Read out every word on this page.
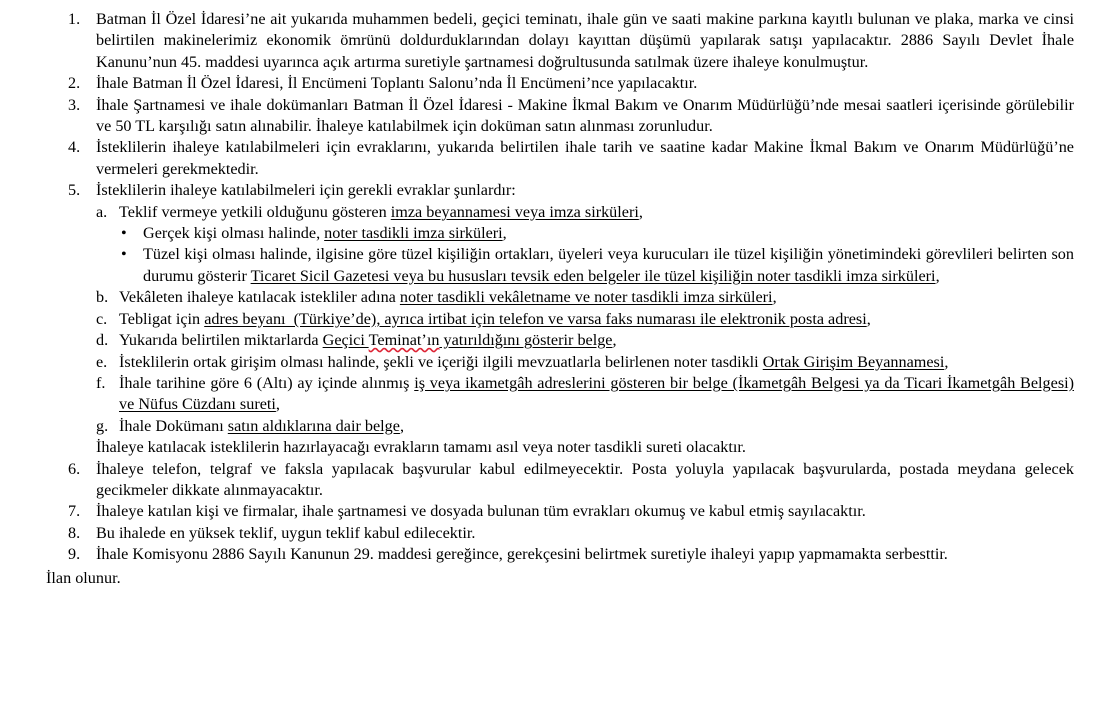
1. Batman İl Özel İdaresi’ne ait yukarıda muhammen bedeli, geçici teminatı, ihale gün ve saati makine parkına kayıtlı bulunan ve plaka, marka ve cinsi belirtilen makinelerimiz ekonomik ömrünü doldurduklarından dolayı kayıttan düşümü yapılarak satışı yapılacaktır. 2886 Sayılı Devlet İhale Kanunu’nun 45. maddesi uyarınca açık artırma suretiyle şartnamesi doğrultusunda satılmak üzere ihaleye konulmuştur.
2. İhale Batman İl Özel İdaresi, İl Encümeni Toplantı Salonu’nda İl Encümeni’nce yapılacaktır.
3. İhale Şartnamesi ve ihale dokümanları Batman İl Özel İdaresi - Makine İkmal Bakım ve Onarım Müdürlüğü’nde mesai saatleri içerisinde görülebilir ve 50 TL karşılığı satın alınabilir. İhaleye katılabilmek için doküman satın alınması zorunludur.
4. İsteklilerin ihaleye katılabilmeleri için evraklarını, yukarıda belirtilen ihale tarih ve saatine kadar Makine İkmal Bakım ve Onarım Müdürlüğü’ne vermeleri gerekmektedir.
5. İsteklilerin ihaleye katılabilmeleri için gerekli evraklar şunlardır:
a. Teklif vermeye yetkili olduğunu gösteren imza beyannamesi veya imza sirküleri,
• Gerçek kişi olması halinde, noter tasdikli imza sirküleri,
• Tüzel kişi olması halinde, ilgisine göre tüzel kişiliğin ortakları, üyeleri veya kurucuları ile tüzel kişiliğin yönetimindeki görevlileri belirten son durumu gösterir Ticaret Sicil Gazetesi veya bu hususları tevsik eden belgeler ile tüzel kişiliğin noter tasdikli imza sirküleri,
b. Vekâleten ihaleye katılacak istekliler adına noter tasdikli vekâletname ve noter tasdikli imza sirküleri,
c. Tebligat için adres beyanı  (Türkiye’de), ayrıca irtibat için telefon ve varsa faks numarası ile elektronik posta adresi,
d. Yukarıda belirtilen miktarlarda Geçici Teminat’ın yatırıldığını gösterir belge,
e. İsteklilerin ortak girişim olması halinde, şekli ve içeriği ilgili mevzuatlarla belirlenen noter tasdikli Ortak Girişim Beyannamesi,
f. İhale tarihine göre 6 (Altı) ay içinde alınmış iş veya ikametgâh adreslerini gösteren bir belge (İkametgâh Belgesi ya da Ticari İkametgâh Belgesi) ve Nüfus Cüzdanı sureti,
g. İhale Dokümanı satın aldıklarına dair belge,
İhaleye katılacak isteklilerin hazırlayacağı evrakların tamamı asıl veya noter tasdikli sureti olacaktır.
6. İhaleye telefon, telgraf ve faksla yapılacak başvurular kabul edilmeyecektir. Posta yoluyla yapılacak başvurularda, postada meydana gelecek gecikmeler dikkate alınmayacaktır.
7. İhaleye katılan kişi ve firmalar, ihale şartnamesi ve dosyada bulunan tüm evrakları okumuş ve kabul etmiş sayılacaktır.
8. Bu ihalede en yüksek teklif, uygun teklif kabul edilecektir.
9. İhale Komisyonu 2886 Sayılı Kanunun 29. maddesi gereğince, gerekçesini belirtmek suretiyle ihaleyi yapıp yapmamakta serbesttir.
İlan olunur.
